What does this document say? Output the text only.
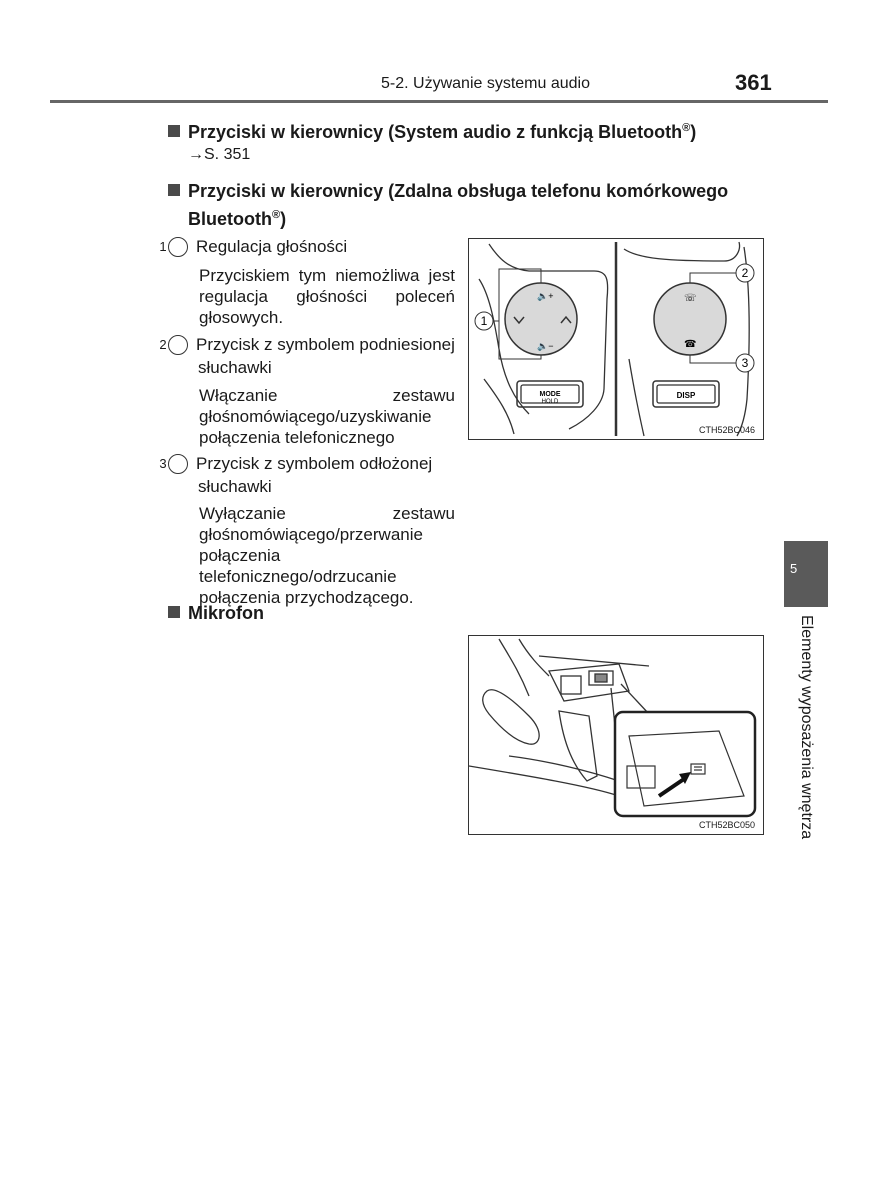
5-2. Używanie systemu audio	361
Przyciski w kierownicy (System audio z funkcją Bluetooth®)
→S. 351
Przyciski w kierownicy (Zdalna obsługa telefonu komórkowego
Bluetooth®)
1 Regulacja głośności
Przyciskiem tym niemożliwa jest regulacja głośności poleceń głosowych.
2 Przycisk z symbolem podniesionej słuchawki
Włączanie zestawu głośnomówiącego/uzyskiwanie połączenia telefonicznego
3 Przycisk z symbolem odłożonej słuchawki
Wyłączanie zestawu głośnomówiącego/przerwanie połączenia telefonicznego/odrzucanie połączenia przychodzącego.
Mikrofon
🔈+
🔈−
☏
☎
1
2
3
MODE
HOLD
DISP
CTH52BC046
CTH52BC050
5
Elementy wyposażenia wnętrza
